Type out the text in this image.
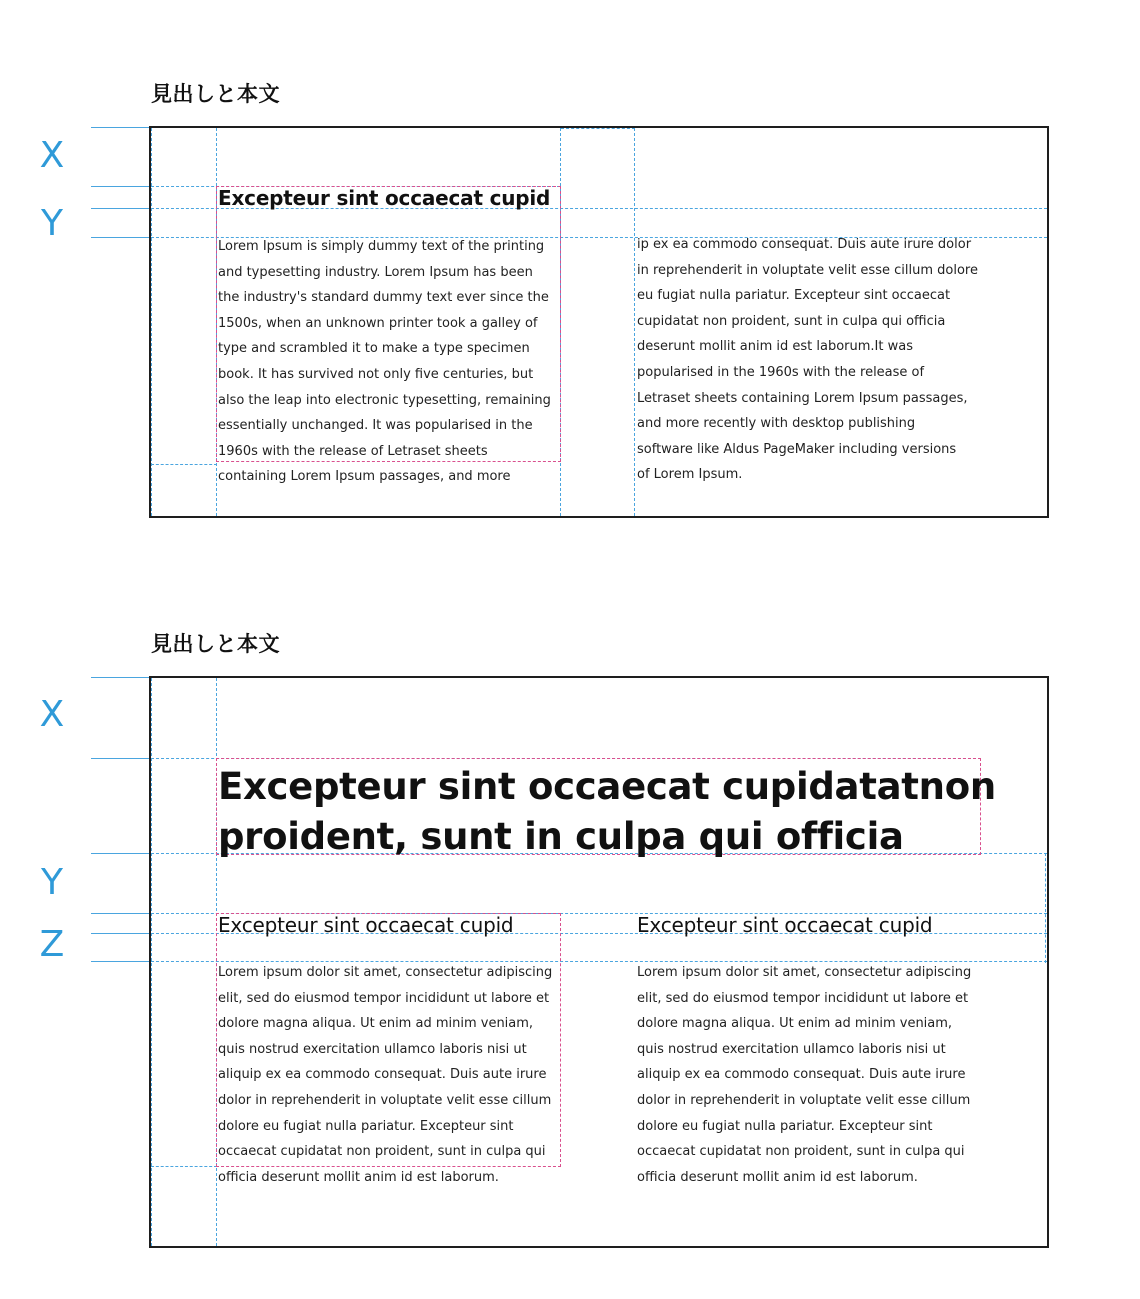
見出しと本文
X
Y
Excepteur sint occaecat cupid
Lorem Ipsum is simply dummy text of the printing
and typesetting industry. Lorem Ipsum has been
the industry's standard dummy text ever since the
1500s, when an unknown printer took a galley of
type and scrambled it to make a type specimen
book. It has survived not only five centuries, but
also the leap into electronic typesetting, remaining
essentially unchanged. It was popularised in the
1960s with the release of Letraset sheets
containing Lorem Ipsum passages, and more
ip ex ea commodo consequat. Duis aute irure dolor
in reprehenderit in voluptate velit esse cillum dolore
eu fugiat nulla pariatur. Excepteur sint occaecat
cupidatat non proident, sunt in culpa qui officia
deserunt mollit anim id est laborum.It was
popularised in the 1960s with the release of
Letraset sheets containing Lorem Ipsum passages,
and more recently with desktop publishing
software like Aldus PageMaker including versions
of Lorem Ipsum.
見出しと本文
X
Y
Z
Excepteur sint occaecat cupidatatnon proident, sunt in culpa qui officia
Excepteur sint occaecat cupid	Excepteur sint occaecat cupid
Lorem ipsum dolor sit amet, consectetur adipiscing
elit, sed do eiusmod tempor incididunt ut labore et
dolore magna aliqua. Ut enim ad minim veniam,
quis nostrud exercitation ullamco laboris nisi ut
aliquip ex ea commodo consequat. Duis aute irure
dolor in reprehenderit in voluptate velit esse cillum
dolore eu fugiat nulla pariatur. Excepteur sint
occaecat cupidatat non proident, sunt in culpa qui
officia deserunt mollit anim id est laborum.
Lorem ipsum dolor sit amet, consectetur adipiscing
elit, sed do eiusmod tempor incididunt ut labore et
dolore magna aliqua. Ut enim ad minim veniam,
quis nostrud exercitation ullamco laboris nisi ut
aliquip ex ea commodo consequat. Duis aute irure
dolor in reprehenderit in voluptate velit esse cillum
dolore eu fugiat nulla pariatur. Excepteur sint
occaecat cupidatat non proident, sunt in culpa qui
officia deserunt mollit anim id est laborum.
